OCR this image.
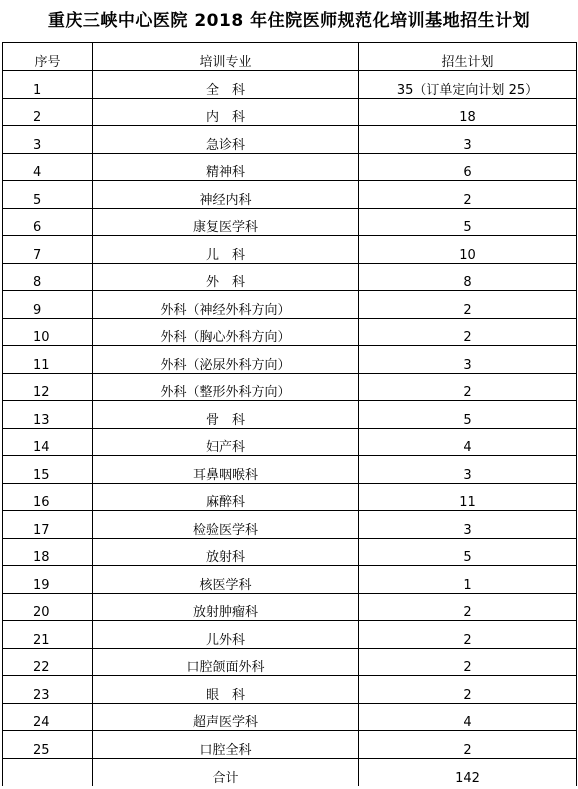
重庆三峡中心医院 2018 年住院医师规范化培训基地招生计划
序号	培训专业	招生计划
1	全　科	35（订单定向计划 25）
2	内　科	18
3	急诊科	3
4	精神科	6
5	神经内科	2
6	康复医学科	5
7	儿　科	10
8	外　科	8
9	外科（神经外科方向）	2
10	外科（胸心外科方向）	2
11	外科（泌尿外科方向）	3
12	外科（整形外科方向）	2
13	骨　科	5
14	妇产科	4
15	耳鼻咽喉科	3
16	麻醉科	11
17	检验医学科	3
18	放射科	5
19	核医学科	1
20	放射肿瘤科	2
21	儿外科	2
22	口腔颌面外科	2
23	眼　科	2
24	超声医学科	4
25	口腔全科	2
	合计	142
